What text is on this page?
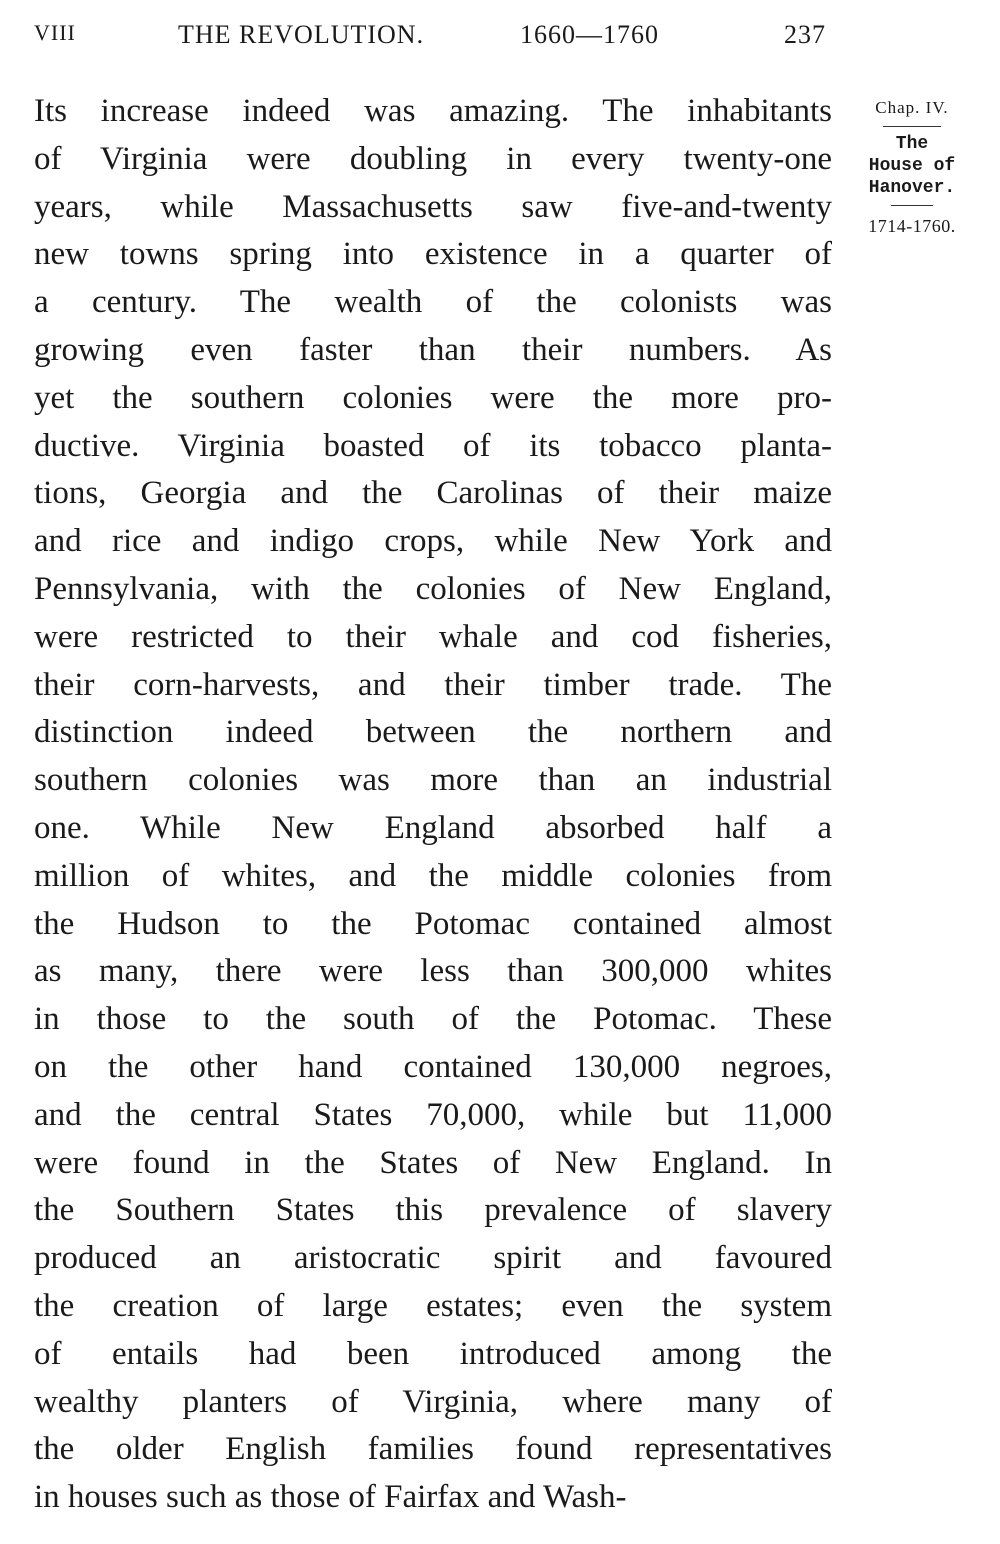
VIII	THE REVOLUTION.	1660—1760	237
Its increase indeed was amazing. The inhabitants
of Virginia were doubling in every twenty-one
years, while Massachusetts saw five-and-twenty
new towns spring into existence in a quarter of
a century. The wealth of the colonists was
growing even faster than their numbers. As
yet the southern colonies were the more pro-
ductive. Virginia boasted of its tobacco planta-
tions, Georgia and the Carolinas of their maize
and rice and indigo crops, while New York and
Pennsylvania, with the colonies of New England,
were restricted to their whale and cod fisheries,
their corn-harvests, and their timber trade. The
distinction indeed between the northern and
southern colonies was more than an industrial
one. While New England absorbed half a
million of whites, and the middle colonies from
the Hudson to the Potomac contained almost
as many, there were less than 300,000 whites
in those to the south of the Potomac. These
on the other hand contained 130,000 negroes,
and the central States 70,000, while but 11,000
were found in the States of New England. In
the Southern States this prevalence of slavery
produced an aristocratic spirit and favoured
the creation of large estates; even the system
of entails had been introduced among the
wealthy planters of Virginia, where many of
the older English families found representatives
in houses such as those of Fairfax and Wash-
Chap. IV.
The
House of
Hanover.
1714-1760.
